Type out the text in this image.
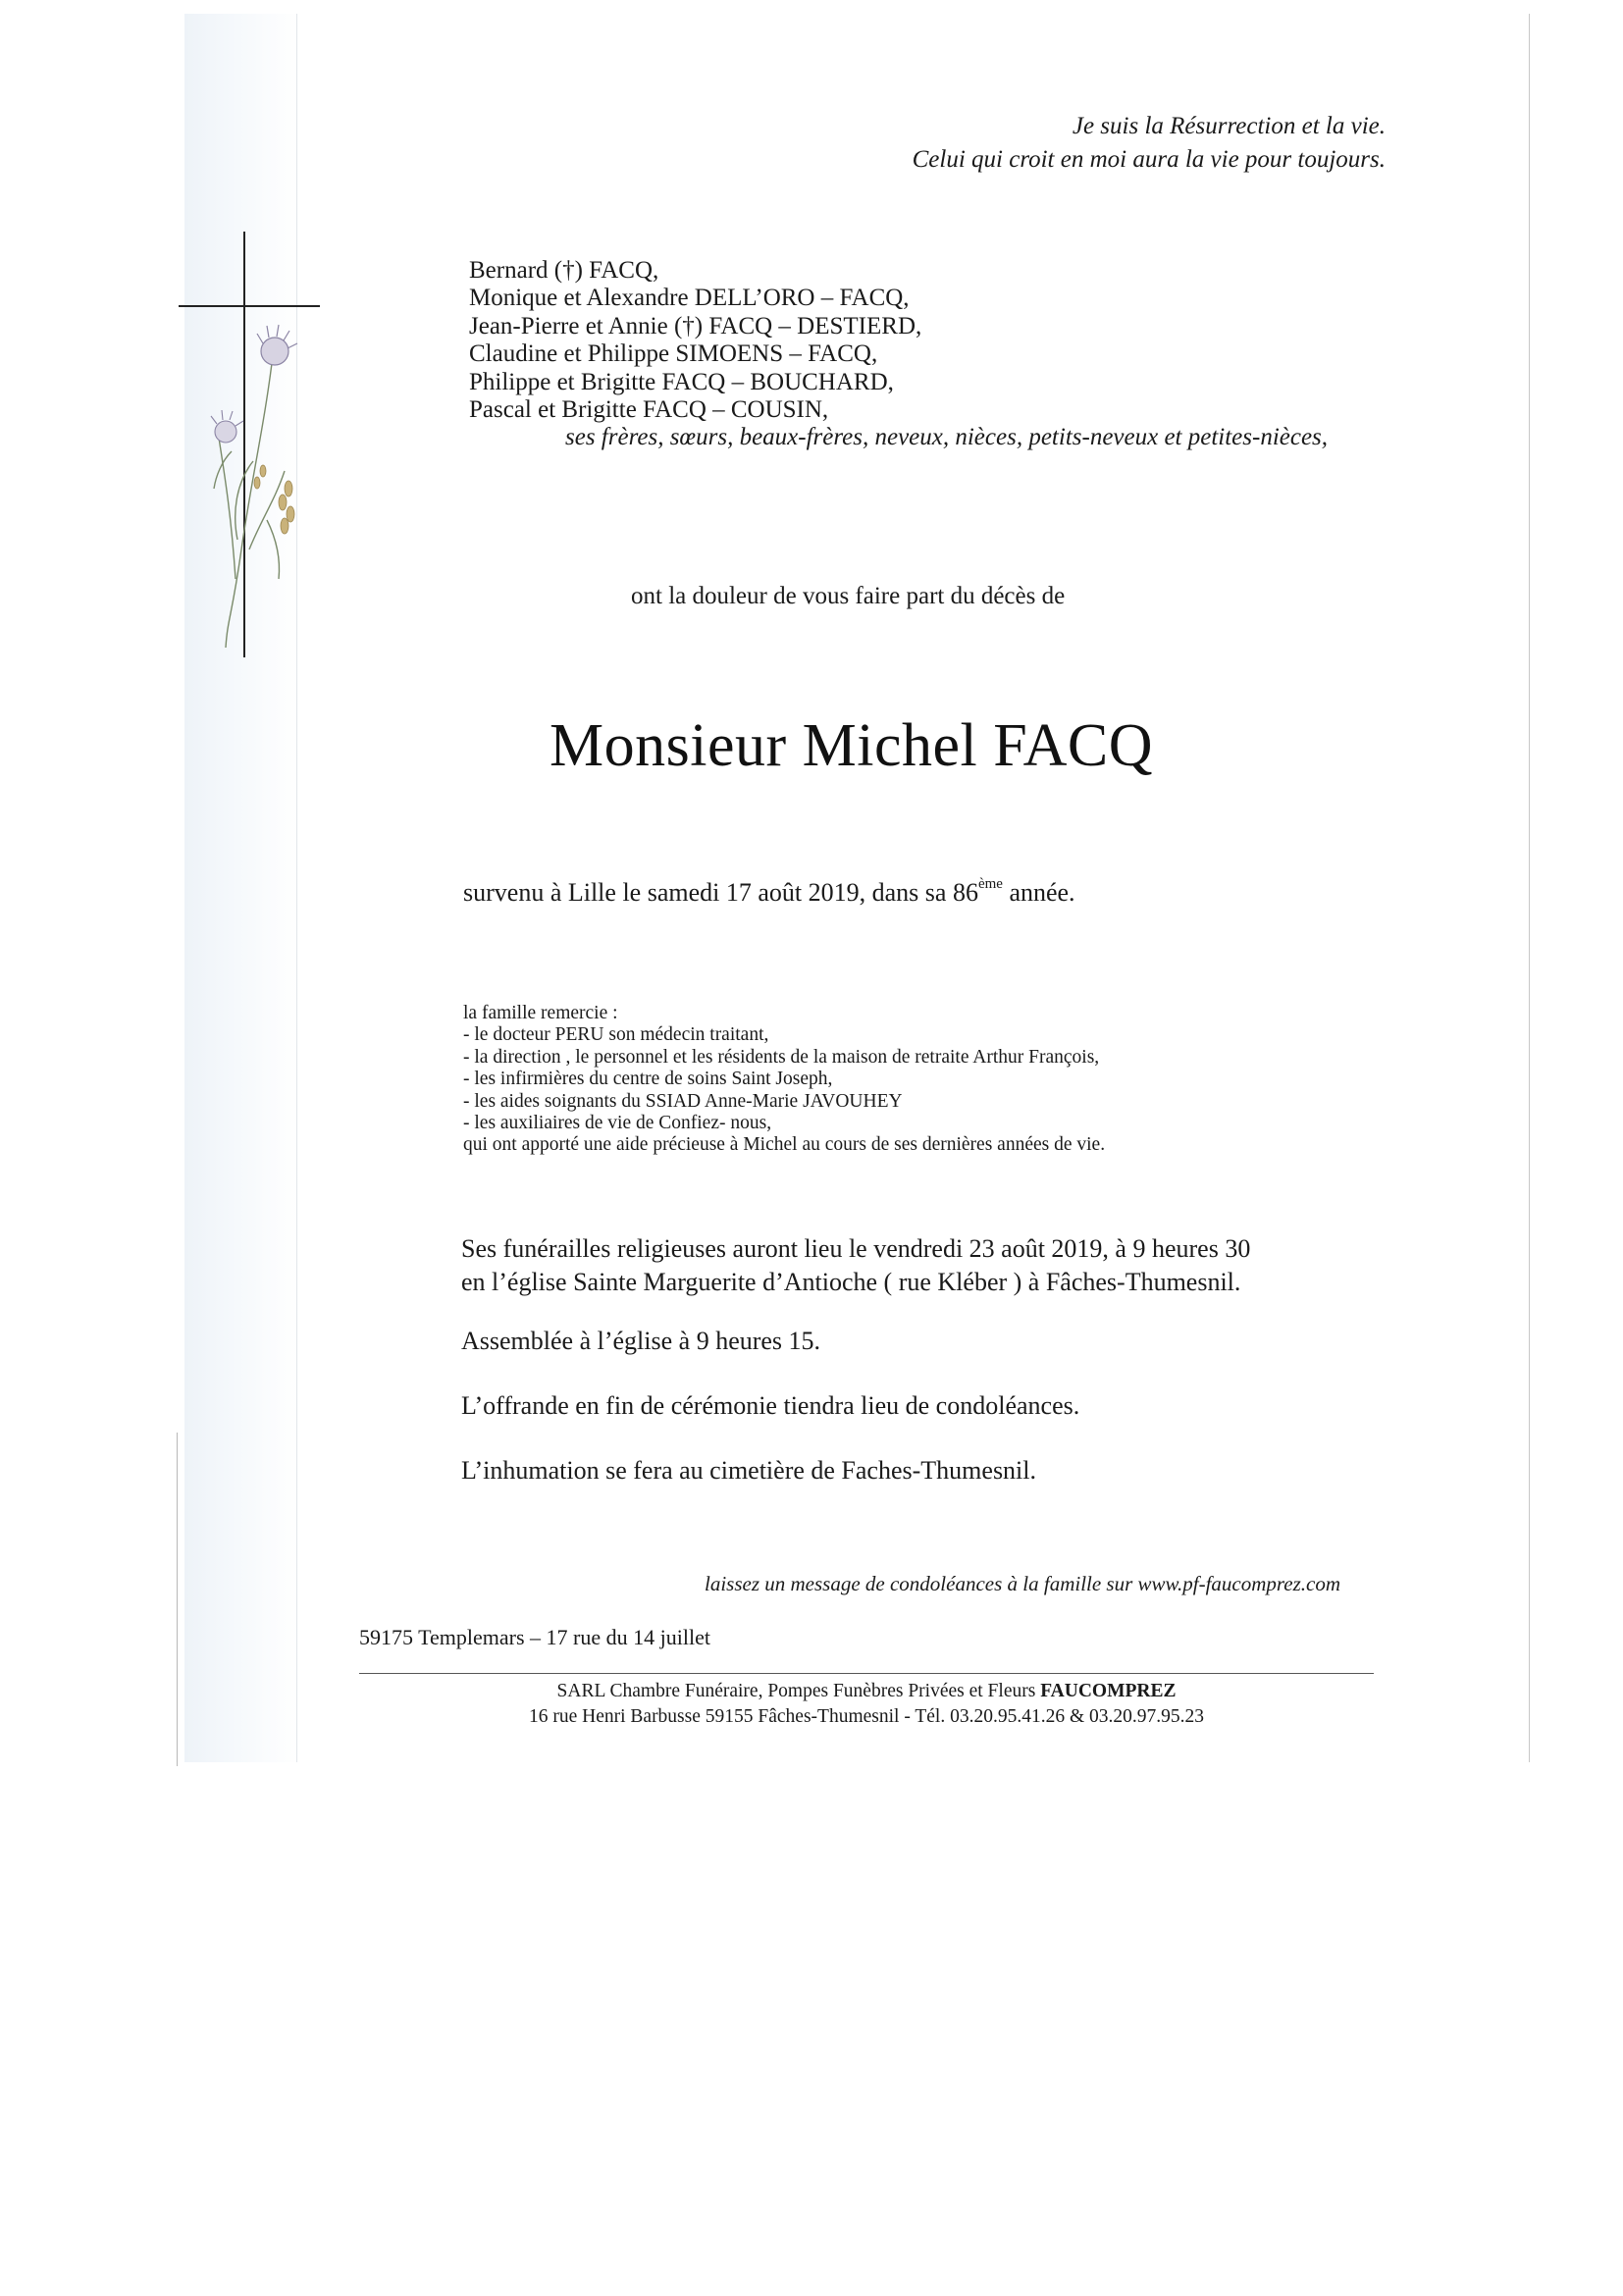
Je suis la Résurrection et la vie.
Celui qui croit en moi aura la vie pour toujours.
Bernard (†) FACQ,
Monique et Alexandre DELL’ORO – FACQ,
Jean-Pierre et Annie (†) FACQ – DESTIERD,
Claudine et Philippe SIMOENS – FACQ,
Philippe et Brigitte FACQ – BOUCHARD,
Pascal et Brigitte FACQ – COUSIN,
ses frères, sœurs, beaux-frères, neveux, nièces, petits-neveux et petites-nièces,
ont la douleur de vous faire part du décès de
Monsieur Michel FACQ
survenu à Lille le samedi 17 août 2019, dans sa 86ème année.
la famille remercie :
- le docteur PERU son médecin traitant,
- la direction , le personnel et les résidents de la maison de retraite Arthur François,
- les infirmières du centre de soins Saint Joseph,
- les aides soignants du SSIAD Anne-Marie JAVOUHEY
- les auxiliaires de vie de Confiez- nous,
qui ont apporté une aide précieuse à Michel au cours de ses dernières années de vie.
Ses funérailles religieuses auront lieu le vendredi 23 août 2019, à 9 heures 30
en l’église Sainte Marguerite d’Antioche ( rue Kléber ) à Fâches-Thumesnil.
Assemblée à l’église à 9 heures 15.
L’offrande en fin de cérémonie tiendra lieu de condoléances.
L’inhumation se fera au cimetière de Faches-Thumesnil.
laissez un message de condoléances à la famille sur www.pf-faucomprez.com
59175 Templemars – 17 rue du 14 juillet
SARL Chambre Funéraire, Pompes Funèbres Privées et Fleurs FAUCOMPREZ
16 rue Henri Barbusse 59155 Fâches-Thumesnil - Tél. 03.20.95.41.26 & 03.20.97.95.23
